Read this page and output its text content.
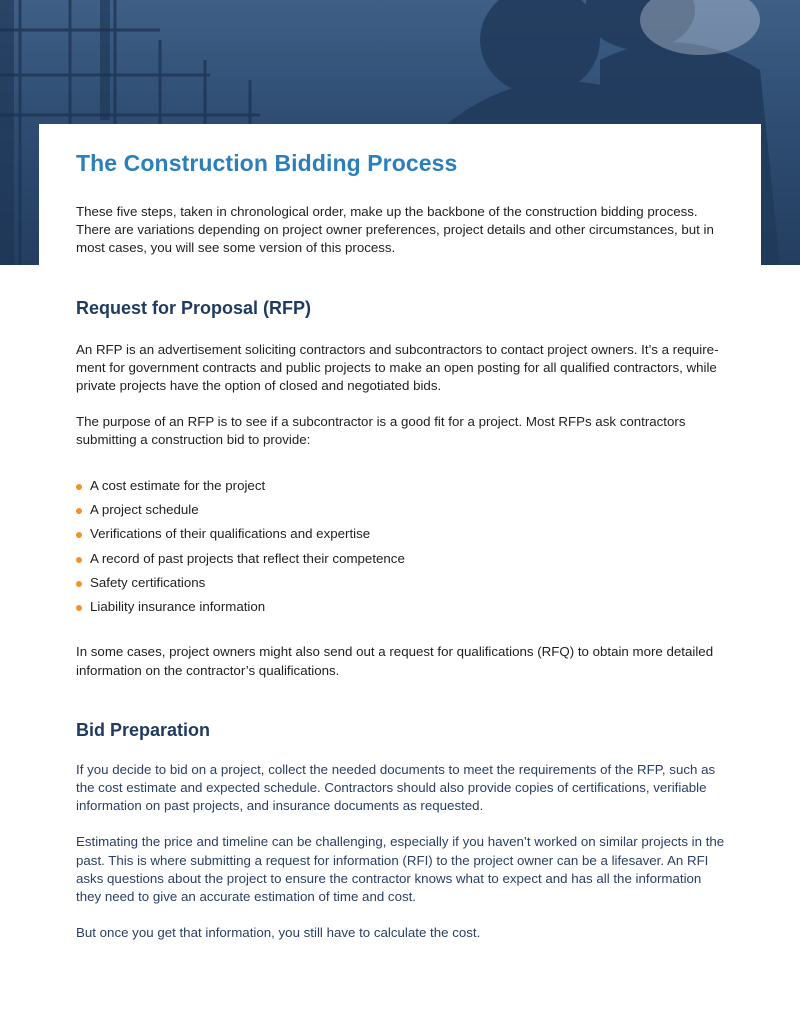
The Construction Bidding Process

These five steps, taken in chronological order, make up the backbone of the construction bidding process. There are variations depending on project owner preferences, project details and other circumstances, but in most cases, you will see some version of this process.

Request for Proposal (RFP)

An RFP is an advertisement soliciting contractors and subcontractors to contact project owners. It’s a requirement for government contracts and public projects to make an open posting for all qualified contractors, while private projects have the option of closed and negotiated bids.

The purpose of an RFP is to see if a subcontractor is a good fit for a project. Most RFPs ask contractors submitting a construction bid to provide:

A cost estimate for the project
A project schedule
Verifications of their qualifications and expertise
A record of past projects that reflect their competence
Safety certifications
Liability insurance information

In some cases, project owners might also send out a request for qualifications (RFQ) to obtain more detailed information on the contractor’s qualifications.

Bid Preparation

If you decide to bid on a project, collect the needed documents to meet the requirements of the RFP, such as the cost estimate and expected schedule. Contractors should also provide copies of certifications, verifiable information on past projects, and insurance documents as requested.

Estimating the price and timeline can be challenging, especially if you haven’t worked on similar projects in the past. This is where submitting a request for information (RFI) to the project owner can be a lifesaver. An RFI asks questions about the project to ensure the contractor knows what to expect and has all the information they need to give an accurate estimation of time and cost.

But once you get that information, you still have to calculate the cost.
